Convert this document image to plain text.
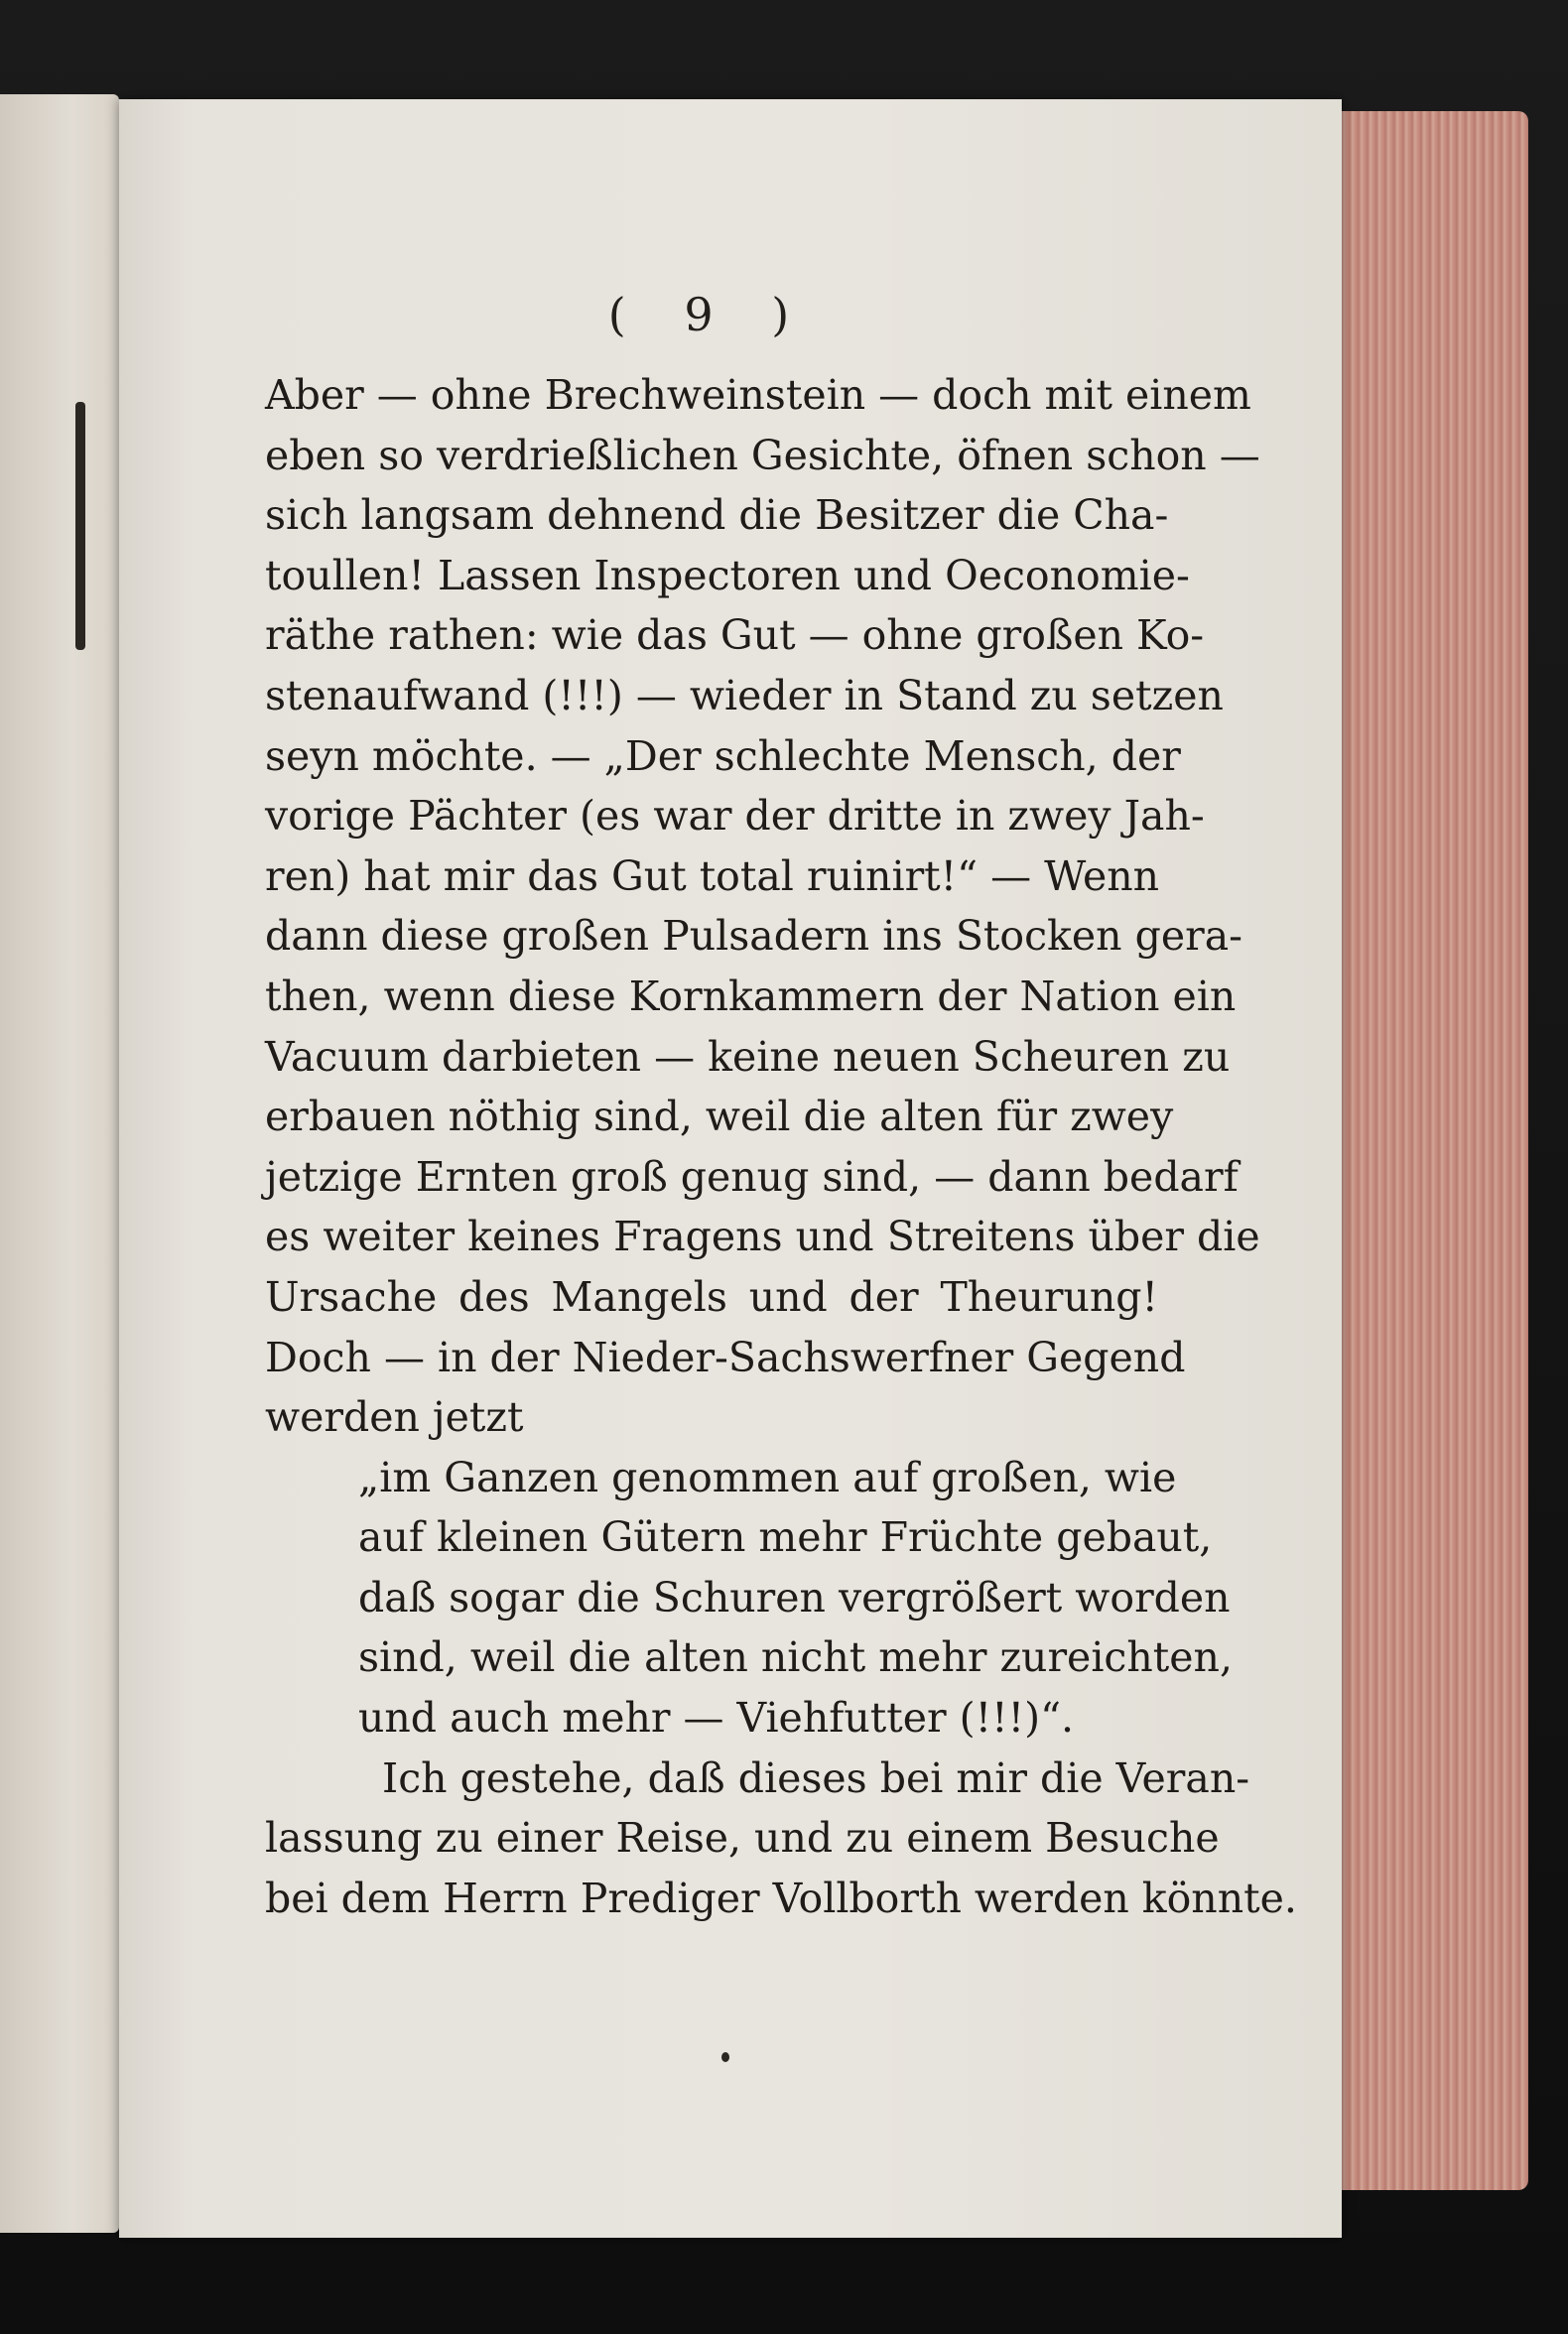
( 9 )
Aber — ohne Brechweinstein — doch mit einem
eben so verdrießlichen Gesichte, öfnen schon —
sich langsam dehnend die Besitzer die Cha-
toullen! Lassen Inspectoren und Oeconomie-
räthe rathen: wie das Gut — ohne großen Ko-
stenaufwand (!!!) — wieder in Stand zu setzen
seyn möchte. — „Der schlechte Mensch, der
vorige Pächter (es war der dritte in zwey Jah-
ren) hat mir das Gut total ruinirt!“ — Wenn
dann diese großen Pulsadern ins Stocken gera-
then, wenn diese Kornkammern der Nation ein
Vacuum darbieten — keine neuen Scheuren zu
erbauen nöthig sind, weil die alten für zwey
jetzige Ernten groß genug sind, — dann bedarf
es weiter keines Fragens und Streitens über die
Ursache des Mangels und der Theurung!
Doch — in der Nieder-Sachswerfner Gegend
werden jetzt
„im Ganzen genommen auf großen, wie
auf kleinen Gütern mehr Früchte gebaut,
daß sogar die Schuren vergrößert worden
sind, weil die alten nicht mehr zureichten,
und auch mehr — Viehfutter (!!!)“.
Ich gestehe, daß dieses bei mir die Veran-
lassung zu einer Reise, und zu einem Besuche
bei dem Herrn Prediger Vollborth werden könnte.
